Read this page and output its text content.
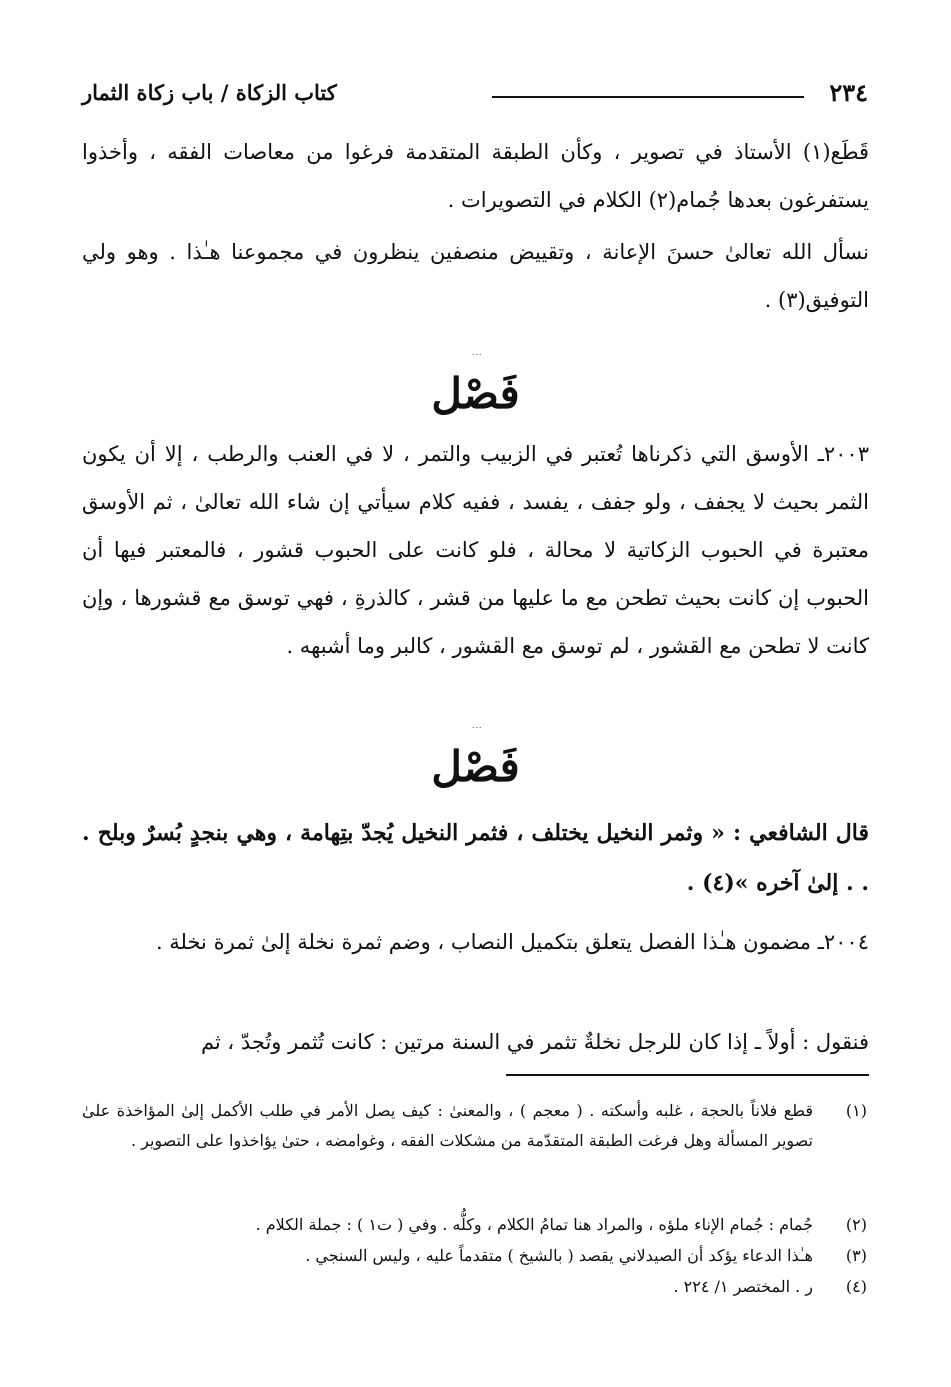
٢٣٤
كتاب الزكاة / باب زكاة الثمار

قَطَع(١) الأستاذ في تصوير ، وكأن الطبقة المتقدمة فرغوا من معاصات الفقه ، وأخذوا يستفرغون بعدها جُمام(٢) الكلام في التصويرات .

نسأل الله تعالىٰ حسنَ الإعانة ، وتقييض منصفين ينظرون في مجموعنا هـٰذا . وهو ولي التوفيق(٣) .

ۛ ۛ ۛ
فَصْل

٢٠٠٣ـ الأوسق التي ذكرناها تُعتبر في الزبيب والتمر ، لا في العنب والرطب ، إلا أن يكون الثمر بحيث لا يجفف ، ولو جفف ، يفسد ، ففيه كلام سيأتي إن شاء الله تعالىٰ ، ثم الأوسق معتبرة في الحبوب الزكاتية لا محالة ، فلو كانت على الحبوب قشور ، فالمعتبر فيها أن الحبوب إن كانت بحيث تطحن مع ما عليها من قشر ، كالذرةِ ، فهي توسق مع قشورها ، وإن كانت لا تطحن مع القشور ، لم توسق مع القشور ، كالبر وما أشبهه .

ۛ ۛ ۛ
فَصْل

قال الشافعي : « وثمر النخيل يختلف ، فثمر النخيل يُجدّ بتِهامة ، وهي بنجدٍ بُسرٌ وبلح . . . إلىٰ آخره »(٤) .

٢٠٠٤ـ مضمون هـٰذا الفصل يتعلق بتكميل النصاب ، وضم ثمرة نخلة إلىٰ ثمرة نخلة .

فنقول : أولاً ـ إذا كان للرجل نخلةٌ تثمر في السنة مرتين : كانت تُثمر وتُجدّ ، ثم

(١)
قطع فلاناً بالحجة ، غلبه وأسكته . ( معجم ) ، والمعنىٰ : كيف يصل الأمر في طلب الأكمل إلىٰ المؤاخذة علىٰ تصوير المسألة وهل فرغت الطبقة المتقدّمة من مشكلات الفقه ، وغوامضه ، حتىٰ يؤاخذوا على التصوير .
(٢)
جُمام : جُمام الإناء ملؤه ، والمراد هنا تمامُ الكلام ، وكلُّه . وفي ( ت١ ) : جملة الكلام .
(٣)
هـٰذا الدعاء يؤكد أن الصيدلاني يقصد ( بالشيخ ) متقدماً عليه ، وليس السنجي .
(٤)
ر . المختصر ١/ ٢٢٤ .
